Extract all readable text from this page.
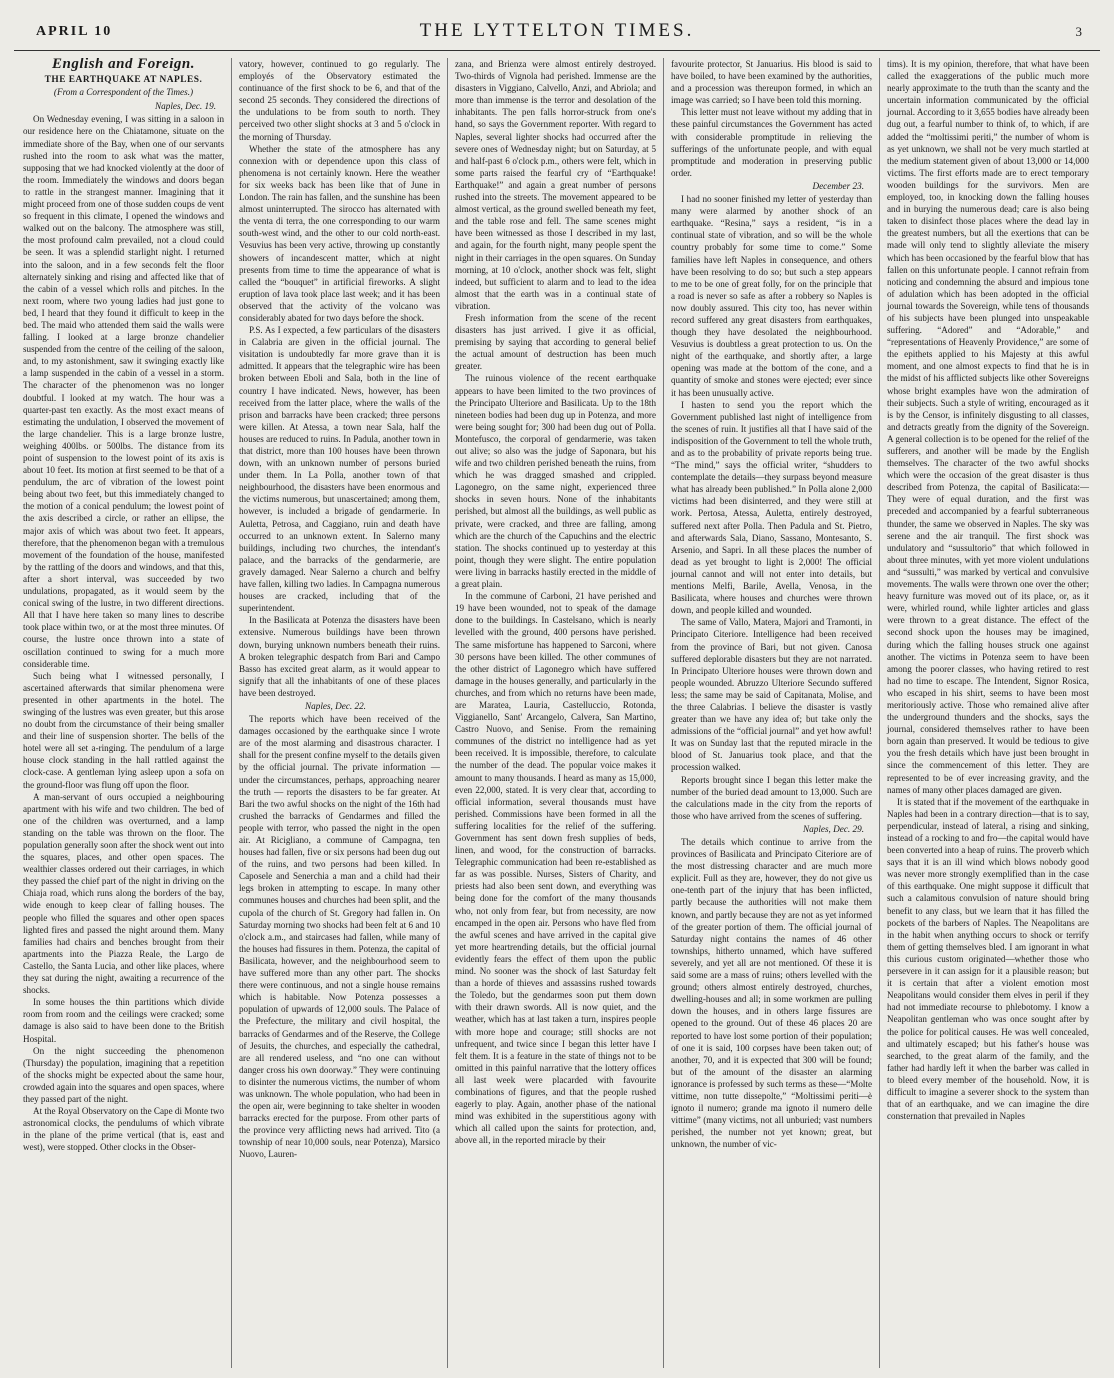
APRIL 10	THE LYTTELTON TIMES.	3
English and Foreign.
THE EARTHQUAKE AT NAPLES.
(From a Correspondent of the Times.)
Naples, Dec. 19.

On Wednesday evening, I was sitting in a saloon in our residence here on the Chiatamone, situate on the immediate shore of the Bay, when one of our servants rushed into the room to ask what was the matter, supposing that we had knocked violently at the door of the room. Immediately the windows and doors began to rattle in the strangest manner. Imagining that it might proceed from one of those sudden coups de vent so frequent in this climate, I opened the windows and walked out on the balcony. The atmosphere was still, the most profound calm prevailed, not a cloud could be seen. It was a splendid starlight night. I returned into the saloon, and in a few seconds felt the floor alternately sinking and rising and affected like that of the cabin of a vessel which rolls and pitches. In the next room, where two young ladies had just gone to bed, I heard that they found it difficult to keep in the bed. The maid who attended them said the walls were falling. I looked at a large bronze chandelier suspended from the centre of the ceiling of the saloon, and, to my astonishment, saw it swinging exactly like a lamp suspended in the cabin of a vessel in a storm. The character of the phenomenon was no longer doubtful. I looked at my watch. The hour was a quarter-past ten exactly. As the most exact means of estimating the undulation, I observed the movement of the large chandelier. This is a large bronze lustre, weighing 400lbs. or 500lbs. The distance from its point of suspension to the lowest point of its axis is about 10 feet. Its motion at first seemed to be that of a pendulum, the arc of vibration of the lowest point being about two feet, but this immediately changed to the motion of a conical pendulum; the lowest point of the axis described a circle, or rather an ellipse, the major axis of which was about two feet. It appears, therefore, that the phenomenon began with a tremulous movement of the foundation of the house, manifested by the rattling of the doors and windows, and that this, after a short interval, was succeeded by two undulations, propagated, as it would seem by the conical swing of the lustre, in two different directions. All that I have here taken so many lines to describe took place within two, or at the most three minutes. Of course, the lustre once thrown into a state of oscillation continued to swing for a much more considerable time.

Such being what I witnessed personally, I ascertained afterwards that similar phenomena were presented in other apartments in the hotel. The swinging of the lustres was even greater, but this arose no doubt from the circumstance of their being smaller and their line of suspension shorter. The bells of the hotel were all set a-ringing. The pendulum of a large house clock standing in the hall rattled against the clock-case. A gentleman lying asleep upon a sofa on the ground-floor was flung off upon the floor.

A man-servant of ours occupied a neighbouring apartment with his wife and two children. The bed of one of the children was overturned, and a lamp standing on the table was thrown on the floor. The population generally soon after the shock went out into the squares, places, and other open spaces. The wealthier classes ordered out their carriages, in which they passed the chief part of the night in driving on the Chiaja road, which runs along the borders of the bay, wide enough to keep clear of falling houses. The people who filled the squares and other open spaces lighted fires and passed the night around them. Many families had chairs and benches brought from their apartments into the Piazza Reale, the Largo de Castello, the Santa Lucia, and other like places, where they sat during the night, awaiting a recurrence of the shocks.

In some houses the thin partitions which divide room from room and the ceilings were cracked; some damage is also said to have been done to the British Hospital.

On the night succeeding the phenomenon (Thursday) the population, imagining that a repetition of the shocks might be expected about the same hour, crowded again into the squares and open spaces, where they passed part of the night.

At the Royal Observatory on the Cape di Monte two astronomical clocks, the pendulums of which vibrate in the plane of the prime vertical (that is, east and west), were stopped. Other clocks in the Obser-

vatory, however, continued to go regularly. The employés of the Observatory estimated the continuance of the first shock to be 6, and that of the second 25 seconds. They considered the directions of the undulations to be from south to north. They perceived two other slight shocks at 3 and 5 o'clock in the morning of Thursday.

Whether the state of the atmosphere has any connexion with or dependence upon this class of phenomena is not certainly known. Here the weather for six weeks back has been like that of June in London. The rain has fallen, and the sunshine has been almost uninterrupted. The sirocco has alternated with the venta di terra, the one corresponding to our warm south-west wind, and the other to our cold north-east. Vesuvius has been very active, throwing up constantly showers of incandescent matter, which at night presents from time to time the appearance of what is called the “bouquet” in artificial fireworks. A slight eruption of lava took place last week; and it has been observed that the activity of the volcano was considerably abated for two days before the shock.

P.S. As I expected, a few particulars of the disasters in Calabria are given in the official journal. The visitation is undoubtedly far more grave than it is admitted. It appears that the telegraphic wire has been broken between Eboli and Sala, both in the line of country I have indicated. News, however, has been received from the latter place, where the walls of the prison and barracks have been cracked; three persons were killen. At Atessa, a town near Sala, half the houses are reduced to ruins. In Padula, another town in that district, more than 100 houses have been thrown down, with an unknown number of persons buried under them. In La Polla, another town of that neighbourhood, the disasters have been enormous and the victims numerous, but unascertained; among them, however, is included a brigade of gendarmerie. In Auletta, Petrosa, and Caggiano, ruin and death have occurred to an unknown extent. In Salerno many buildings, including two churches, the intendant's palace, and the barracks of the gendarmerie, are gravely damaged. Near Salerno a church and belfry have fallen, killing two ladies. In Campagna numerous houses are cracked, including that of the superintendent.

In the Basilicata at Potenza the disasters have been extensive. Numerous buildings have been thrown down, burying unknown numbers beneath their ruins. A broken telegraphic despatch from Bari and Campo Basso has excited great alarm, as it would appear to signify that all the inhabitants of one of these places have been destroyed.

Naples, Dec. 22.

The reports which have been received of the damages occasioned by the earthquake since I wrote are of the most alarming and disastrous character. I shall for the present confine myself to the details given by the official journal. The private information — under the circumstances, perhaps, approaching nearer the truth — reports the disasters to be far greater. At Bari the two awful shocks on the night of the 16th had crushed the barracks of Gendarmes and filled the people with terror, who passed the night in the open air. At Ricigliano, a commune of Campagna, ten houses had fallen, five or six persons had been dug out of the ruins, and two persons had been killed. In Caposele and Senerchia a man and a child had their legs broken in attempting to escape. In many other communes houses and churches had been split, and the cupola of the church of St. Gregory had fallen in. On Saturday morning two shocks had been felt at 6 and 10 o'clock a.m., and staircases had fallen, while many of the houses had fissures in them. Potenza, the capital of Basilicata, however, and the neighbourhood seem to have suffered more than any other part. The shocks there were continuous, and not a single house remains which is habitable. Now Potenza possesses a population of upwards of 12,000 souls. The Palace of the Prefecture, the military and civil hospital, the barracks of Gendarmes and of the Reserve, the College of Jesuits, the churches, and especially the cathedral, are all rendered useless, and “no one can without danger cross his own doorway.” They were continuing to disinter the numerous victims, the number of whom was unknown. The whole population, who had been in the open air, were beginning to take shelter in wooden barracks erected for the purpose. From other parts of the province very afflicting news had arrived. Tito (a township of near 10,000 souls, near Potenza), Marsico Nuovo, Lauren-

zana, and Brienza were almost entirely destroyed. Two-thirds of Vignola had perished. Immense are the disasters in Viggiano, Calvello, Anzi, and Abriola; and more than immense is the terror and desolation of the inhabitants. The pen falls horror-struck from one's hand, so says the Government reporter. With regard to Naples, several lighter shocks had occurred after the severe ones of Wednesday night; but on Saturday, at 5 and half-past 6 o'clock p.m., others were felt, which in some parts raised the fearful cry of “Earthquake! Earthquake!” and again a great number of persons rushed into the streets. The movement appeared to be almost vertical, as the ground swelled beneath my feet, and the table rose and fell. The same scenes might have been witnessed as those I described in my last, and again, for the fourth night, many people spent the night in their carriages in the open squares. On Sunday morning, at 10 o'clock, another shock was felt, slight indeed, but sufficient to alarm and to lead to the idea almost that the earth was in a continual state of vibration.

Fresh information from the scene of the recent disasters has just arrived. I give it as official, premising by saying that according to general belief the actual amount of destruction has been much greater.

The ruinous violence of the recent earthquake appears to have been limited to the two provinces of the Principato Ulteriore and Basilicata. Up to the 18th nineteen bodies had been dug up in Potenza, and more were being sought for; 300 had been dug out of Polla. Montefusco, the corporal of gendarmerie, was taken out alive; so also was the judge of Saponara, but his wife and two children perished beneath the ruins, from which he was dragged smashed and crippled. Lagonegro, on the same night, experienced three shocks in seven hours. None of the inhabitants perished, but almost all the buildings, as well public as private, were cracked, and three are falling, among which are the church of the Capuchins and the electric station. The shocks continued up to yesterday at this point, though they were slight. The entire population were living in barracks hastily erected in the middle of a great plain.

In the commune of Carboni, 21 have perished and 19 have been wounded, not to speak of the damage done to the buildings. In Castelsano, which is nearly levelled with the ground, 400 persons have perished. The same misfortune has happened to Sarconi, where 30 persons have been killed. The other communes of the other district of Lagonegro which have suffered damage in the houses generally, and particularly in the churches, and from which no returns have been made, are Maratea, Lauria, Castelluccio, Rotonda, Viggianello, Sant' Arcangelo, Calvera, San Martino, Castro Nuovo, and Senise. From the remaining communes of the district no intelligence had as yet been received. It is impossible, therefore, to calculate the number of the dead. The popular voice makes it amount to many thousands. I heard as many as 15,000, even 22,000, stated. It is very clear that, according to official information, several thousands must have perished. Commissions have been formed in all the suffering localities for the relief of the suffering. Government has sent down fresh supplies of beds, linen, and wood, for the construction of barracks. Telegraphic communication had been re-established as far as was possible. Nurses, Sisters of Charity, and priests had also been sent down, and everything was being done for the comfort of the many thousands who, not only from fear, but from necessity, are now encamped in the open air. Persons who have fled from the awful scenes and have arrived in the capital give yet more heartrending details, but the official journal evidently fears the effect of them upon the public mind. No sooner was the shock of last Saturday felt than a horde of thieves and assassins rushed towards the Toledo, but the gendarmes soon put them down with their drawn swords. All is now quiet, and the weather, which has at last taken a turn, inspires people with more hope and courage; still shocks are not unfrequent, and twice since I began this letter have I felt them. It is a feature in the state of things not to be omitted in this painful narrative that the lottery offices all last week were placarded with favourite combinations of figures, and that the people rushed eagerly to play. Again, another phase of the national mind was exhibited in the superstitious agony with which all called upon the saints for protection, and, above all, in the reported miracle by their

favourite protector, St Januarius. His blood is said to have boiled, to have been examined by the authorities, and a procession was thereupon formed, in which an image was carried; so I have been told this morning.

This letter must not leave without my adding that in these painful circumstances the Government has acted with considerable promptitude in relieving the sufferings of the unfortunate people, and with equal promptitude and moderation in preserving public order.

December 23.

I had no sooner finished my letter of yesterday than many were alarmed by another shock of an earthquake. “Resina,” says a resident, “is in a continual state of vibration, and so will be the whole country probably for some time to come.” Some families have left Naples in consequence, and others have been resolving to do so; but such a step appears to me to be one of great folly, for on the principle that a road is never so safe as after a robbery so Naples is now doubly assured. This city too, has never within record suffered any great disasters from earthquakes, though they have desolated the neighbourhood. Vesuvius is doubtless a great protection to us. On the night of the earthquake, and shortly after, a large opening was made at the bottom of the cone, and a quantity of smoke and stones were ejected; ever since it has been unusually active.

I hasten to send you the report which the Government published last night of intelligence from the scenes of ruin. It justifies all that I have said of the indisposition of the Government to tell the whole truth, and as to the probability of private reports being true. “The mind,” says the official writer, “shudders to contemplate the details—they surpass beyond measure what has already been published.” In Polla alone 2,000 victims had been disinterred, and they were still at work. Pertosa, Atessa, Auletta, entirely destroyed, suffered next after Polla. Then Padula and St. Pietro, and afterwards Sala, Diano, Sassano, Montesanto, S. Arsenio, and Sapri. In all these places the number of dead as yet brought to light is 2,000! The official journal cannot and will not enter into details, but mentions Melfi, Barile, Avella, Venosa, in the Basilicata, where houses and churches were thrown down, and people killed and wounded.

The same of Vallo, Matera, Majori and Tramonti, in Principato Citeriore. Intelligence had been received from the province of Bari, but not given. Canosa suffered deplorable disasters but they are not narrated. In Principato Ulteriore houses were thrown down and people wounded. Abruzzo Ulteriore Secundo suffered less; the same may be said of Capitanata, Molise, and the three Calabrias. I believe the disaster is vastly greater than we have any idea of; but take only the admissions of the “official journal” and yet how awful! It was on Sunday last that the reputed miracle in the blood of St. Januarius took place, and that the procession walked.

Reports brought since I began this letter make the number of the buried dead amount to 13,000. Such are the calculations made in the city from the reports of those who have arrived from the scenes of suffering.

Naples, Dec. 29.

The details which continue to arrive from the provinces of Basilicata and Principato Citeriore are of the most distressing character and are much more explicit. Full as they are, however, they do not give us one-tenth part of the injury that has been inflicted, partly because the authorities will not make them known, and partly because they are not as yet informed of the greater portion of them. The official journal of Saturday night contains the names of 46 other townships, hitherto unnamed, which have suffered severely, and yet all are not mentioned. Of these it is said some are a mass of ruins; others levelled with the ground; others almost entirely destroyed, churches, dwelling-houses and all; in some workmen are pulling down the houses, and in others large fissures are opened to the ground. Out of these 46 places 20 are reported to have lost some portion of their population; of one it is said, 100 corpses have been taken out; of another, 70, and it is expected that 300 will be found; but of the amount of the disaster an alarming ignorance is professed by such terms as these—“Molte vittime, non tutte dissepolte,” “Moltissimi periti—è ignoto il numero; grande ma ignoto il numero delle vittime” (many victims, not all unburied; vast numbers perished, the number not yet known; great, but unknown, the number of vic-

tims). It is my opinion, therefore, that what have been called the exaggerations of the public much more nearly approximate to the truth than the scanty and the uncertain information communicated by the official journal. According to it 3,655 bodies have already been dug out, a fearful number to think of, to which, if are added the “moltissimi periti,” the number of whom is as yet unknown, we shall not be very much startled at the medium statement given of about 13,000 or 14,000 victims. The first efforts made are to erect temporary wooden buildings for the survivors. Men are employed, too, in knocking down the falling houses and in burying the numerous dead; care is also being taken to disinfect those places where the dead lay in the greatest numbers, but all the exertions that can be made will only tend to slightly alleviate the misery which has been occasioned by the fearful blow that has fallen on this unfortunate people. I cannot refrain from noticing and condemning the absurd and impious tone of adulation which has been adopted in the official journal towards the Sovereign, while tens of thousands of his subjects have been plunged into unspeakable suffering. “Adored” and “Adorable,” and “representations of Heavenly Providence,” are some of the epithets applied to his Majesty at this awful moment, and one almost expects to find that he is in the midst of his afflicted subjects like other Sovereigns whose bright examples have won the admiration of their subjects. Such a style of writing, encouraged as it is by the Censor, is infinitely disgusting to all classes, and detracts greatly from the dignity of the Sovereign. A general collection is to be opened for the relief of the sufferers, and another will be made by the English themselves. The character of the two awful shocks which were the occasion of the great disaster is thus described from Potenza, the capital of Basilicata:—They were of equal duration, and the first was preceded and accompanied by a fearful subterraneous thunder, the same we observed in Naples. The sky was serene and the air tranquil. The first shock was undulatory and “sussultorio” that which followed in about three minutes, with yet more violent undulations and “sussulti,” was marked by vertical and convulsive movements. The walls were thrown one over the other; heavy furniture was moved out of its place, or, as it were, whirled round, while lighter articles and glass were thrown to a great distance. The effect of the second shock upon the houses may be imagined, during which the falling houses struck one against another. The victims in Potenza seem to have been among the poorer classes, who having retired to rest had no time to escape. The Intendent, Signor Rosica, who escaped in his shirt, seems to have been most meritoriously active. Those who remained alive after the underground thunders and the shocks, says the journal, considered themselves rather to have been born again than preserved. It would be tedious to give you the fresh details which have just been brought in since the commencement of this letter. They are represented to be of ever increasing gravity, and the names of many other places damaged are given.

It is stated that if the movement of the earthquake in Naples had been in a contrary direction—that is to say, perpendicular, instead of lateral, a rising and sinking, instead of a rocking to and fro—the capital would have been converted into a heap of ruins. The proverb which says that it is an ill wind which blows nobody good was never more strongly exemplified than in the case of this earthquake. One might suppose it difficult that such a calamitous convulsion of nature should bring benefit to any class, but we learn that it has filled the pockets of the barbers of Naples. The Neapolitans are in the habit when anything occurs to shock or terrify them of getting themselves bled. I am ignorant in what this curious custom originated—whether those who persevere in it can assign for it a plausible reason; but it is certain that after a violent emotion most Neapolitans would consider them elves in peril if they had not immediate recourse to phlebotomy. I know a Neapolitan gentleman who was once sought after by the police for political causes. He was well concealed, and ultimately escaped; but his father's house was searched, to the great alarm of the family, and the father had hardly left it when the barber was called in to bleed every member of the household. Now, it is difficult to imagine a severer shock to the system than that of an earthquake, and we can imagine the dire consternation that prevailed in Naples
